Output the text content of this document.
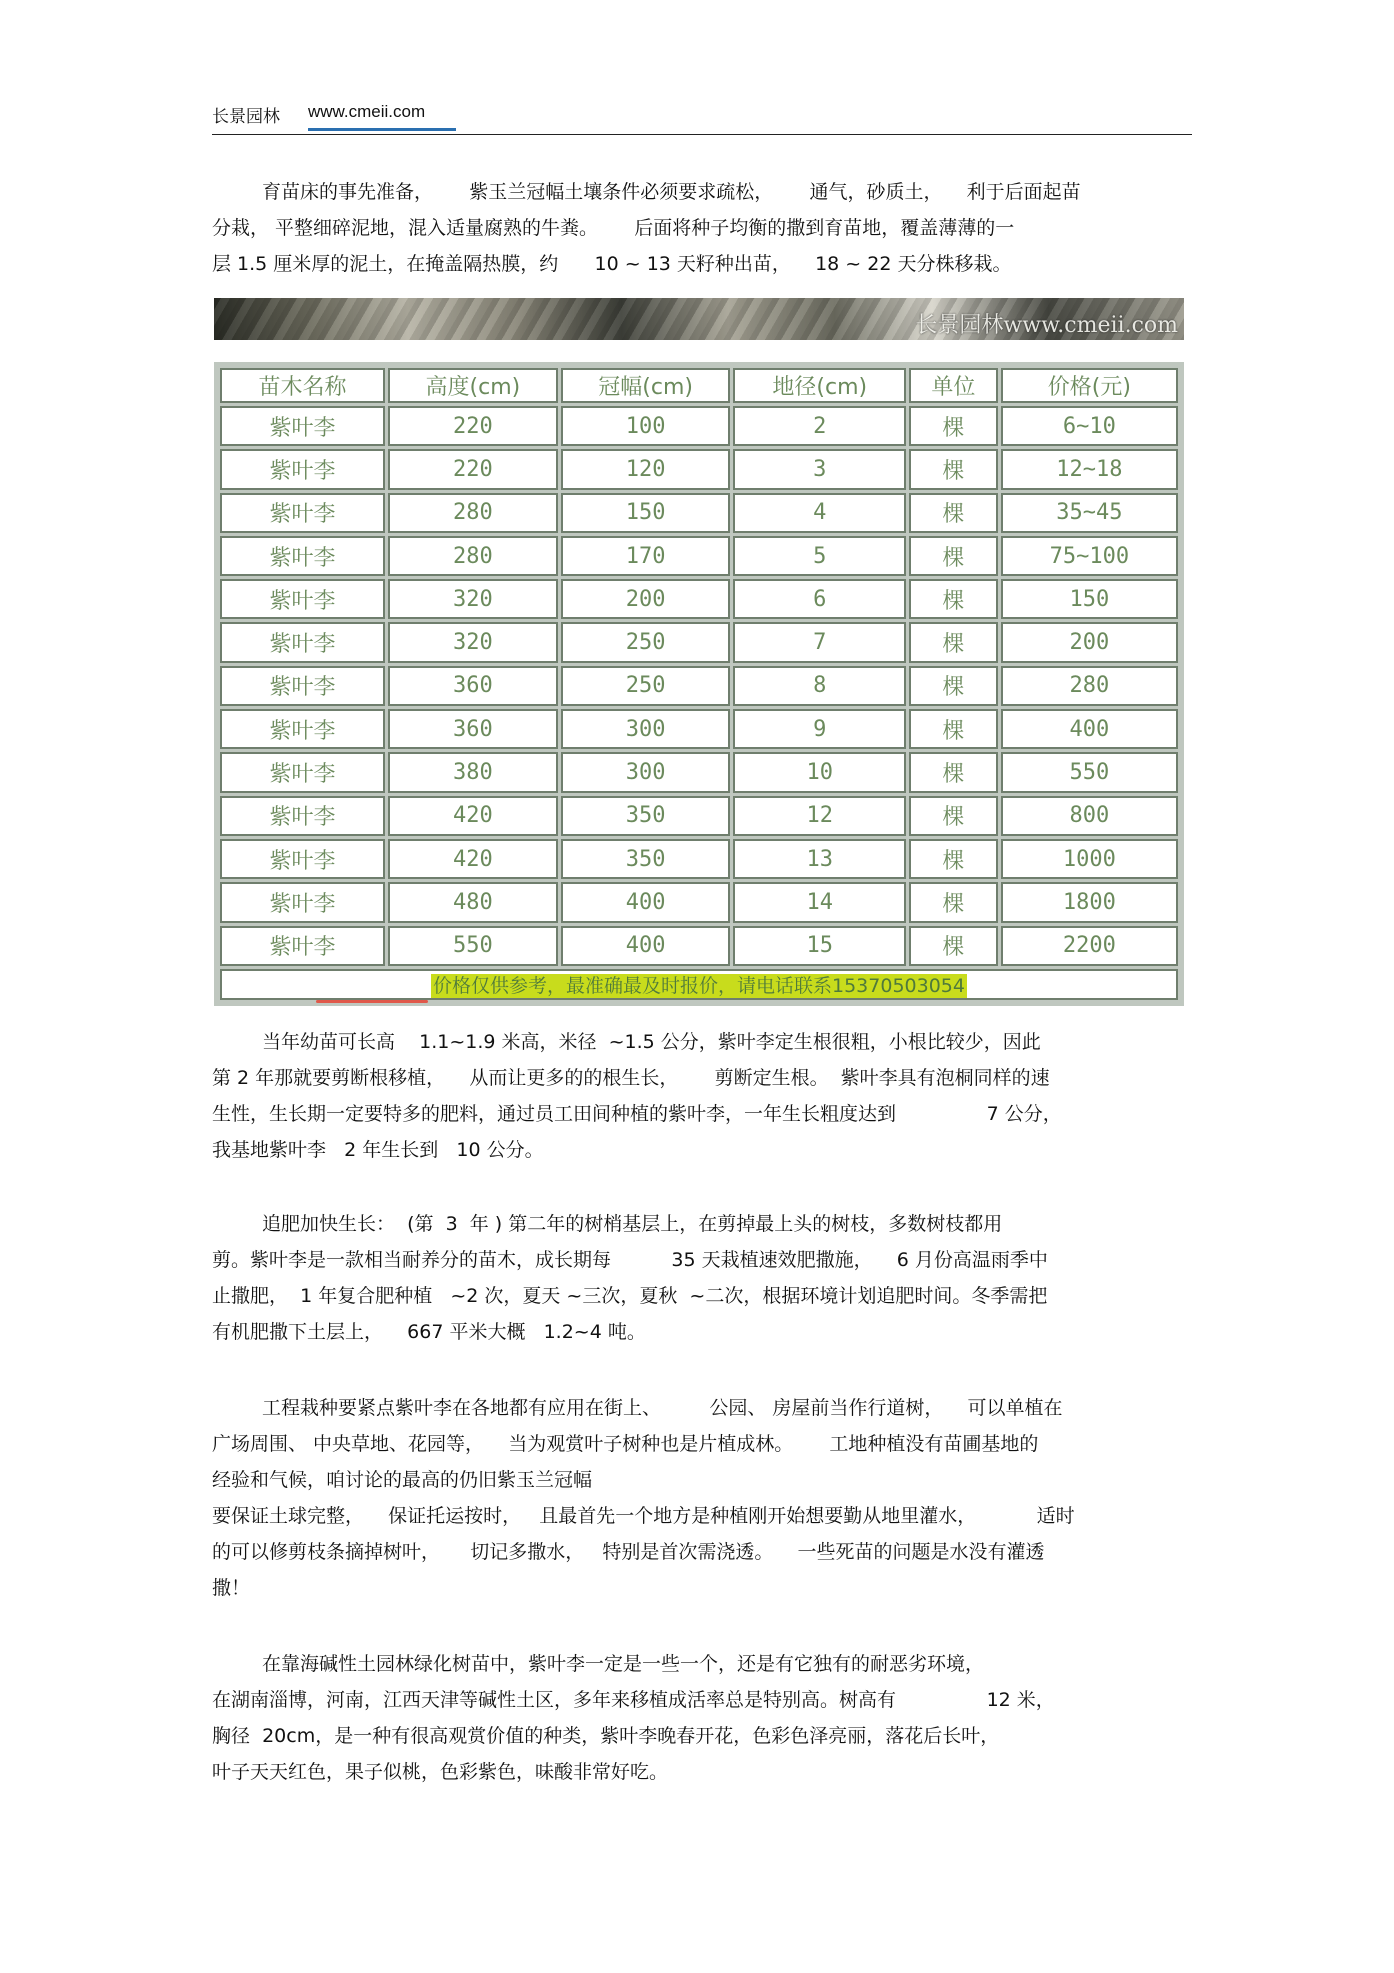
长景园林 www.cmeii.com
育苗床的事先准备，      紫玉兰冠幅土壤条件必须要求疏松，      通气，砂质土，    利于后面起苗
分栽， 平整细碎泥地，混入适量腐熟的牛粪。      后面将种子均衡的撒到育苗地，覆盖薄薄的一
层 1.5 厘米厚的泥土，在掩盖隔热膜，约      10 ~ 13 天籽种出苗，    18 ~ 22 天分株移栽。
长景园林www.cmeii.com
苗木名称	高度(cm)	冠幅(cm)	地径(cm)	单位	价格(元)
紫叶李	220	100	2	棵	6~10
紫叶李	220	120	3	棵	12~18
紫叶李	280	150	4	棵	35~45
紫叶李	280	170	5	棵	75~100
紫叶李	320	200	6	棵	150
紫叶李	320	250	7	棵	200
紫叶李	360	250	8	棵	280
紫叶李	360	300	9	棵	400
紫叶李	380	300	10	棵	550
紫叶李	420	350	12	棵	800
紫叶李	420	350	13	棵	1000
紫叶李	480	400	14	棵	1800
紫叶李	550	400	15	棵	2200
价格仅供参考，最准确最及时报价，请电话联系15370503054					
当年幼苗可长高    1.1~1.9 米高，米径  ~1.5 公分，紫叶李定生根很粗，小根比较少，因此
第 2 年那就要剪断根移植，    从而让更多的的根生长，      剪断定生根。  紫叶李具有泡桐同样的速
生性，生长期一定要特多的肥料，通过员工田间种植的紫叶李，一年生长粗度达到               7 公分，
我基地紫叶李   2 年生长到   10 公分。
追肥加快生长：  (第  3  年 ) 第二年的树梢基层上，在剪掉最上头的树枝，多数树枝都用
剪。紫叶李是一款相当耐养分的苗木，成长期每          35 天栽植速效肥撒施，    6 月份高温雨季中
止撒肥，  1 年复合肥种植   ~2 次，夏天 ~三次，夏秋  ~二次，根据环境计划追肥时间。冬季需把
有机肥撒下土层上，    667 平米大概   1.2~4 吨。
工程栽种要紧点紫叶李在各地都有应用在街上、        公园、 房屋前当作行道树，    可以单植在
广场周围、 中央草地、花园等，    当为观赏叶子树种也是片植成林。      工地种植没有苗圃基地的
经验和气候，咱讨论的最高的仍旧紫玉兰冠幅
要保证土球完整，    保证托运按时，   且最首先一个地方是种植刚开始想要勤从地里灌水，          适时
的可以修剪枝条摘掉树叶，     切记多撒水，   特别是首次需浇透。    一些死苗的问题是水没有灌透
撒！
在靠海碱性土园林绿化树苗中，紫叶李一定是一些一个，还是有它独有的耐恶劣环境，
在湖南淄博，河南，江西天津等碱性土区，多年来移植成活率总是特别高。树高有               12 米，
胸径  20cm，是一种有很高观赏价值的种类，紫叶李晚春开花，色彩色泽亮丽，落花后长叶，
叶子天天红色，果子似桃，色彩紫色，味酸非常好吃。
